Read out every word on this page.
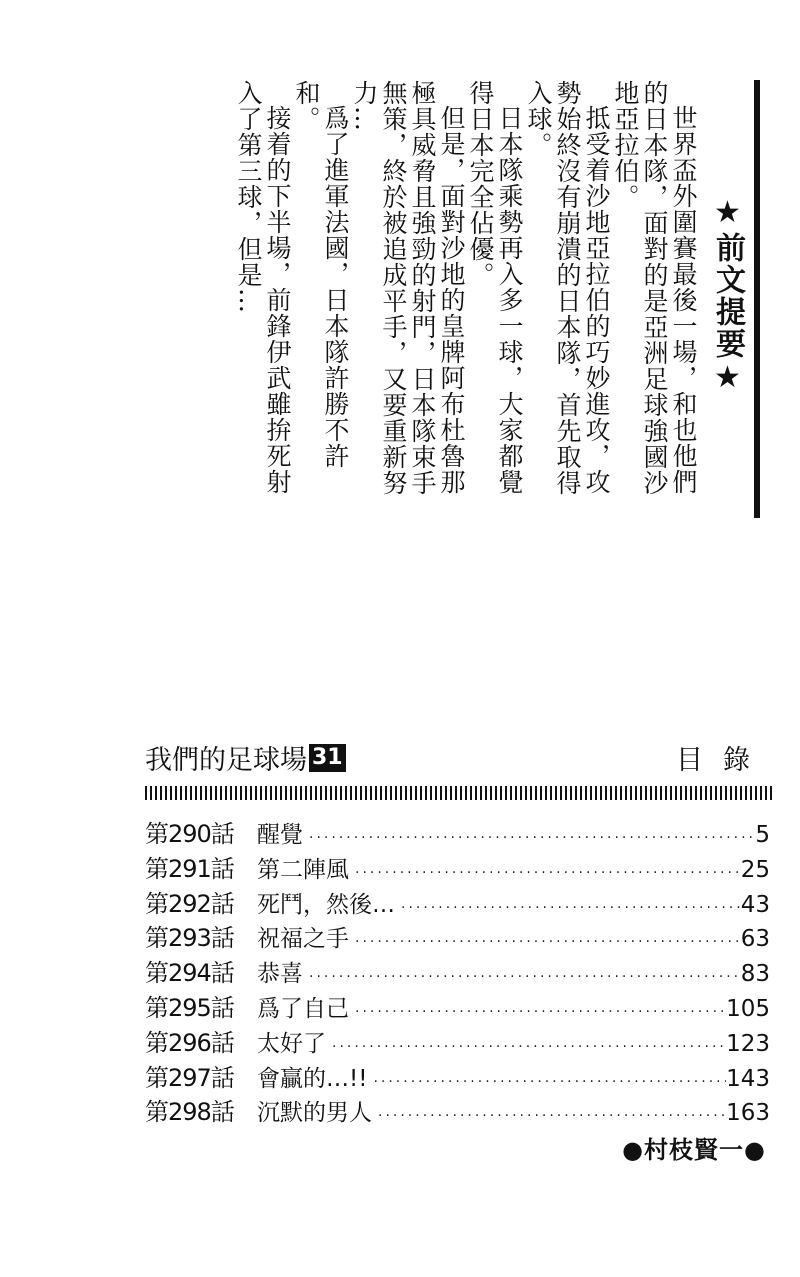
★前文提要★

世界盃外圍賽最後一場，和也他們的日本隊，面對的是亞洲足球強國沙地亞拉伯。

抵受着沙地亞拉伯的巧妙進攻，攻勢始終沒有崩潰的日本隊，首先取得入球。

日本隊乘勢再入多一球，大家都覺得日本完全佔優。

但是，面對沙地的皇牌阿布杜魯那極具威脅且強勁的射門，日本隊束手無策，終於被追成平手，又要重新努力…

爲了進軍法國，日本隊許勝不許和。

接着的下半場，前鋒伊武雖拚死射入了第三球，但是…

我們的足球場 31	目錄
第290話	醒覺 ·····	5
第291話	第二陣風 ·····	25
第292話	死鬥，然後… ·····	43
第293話	祝福之手 ·····	63
第294話	恭喜 ·····	83
第295話	爲了自己 ·····	105
第296話	太好了 ·····	123
第297話	會贏的…!! ·····	143
第298話	沉默的男人 ·····	163
●村枝賢一●
